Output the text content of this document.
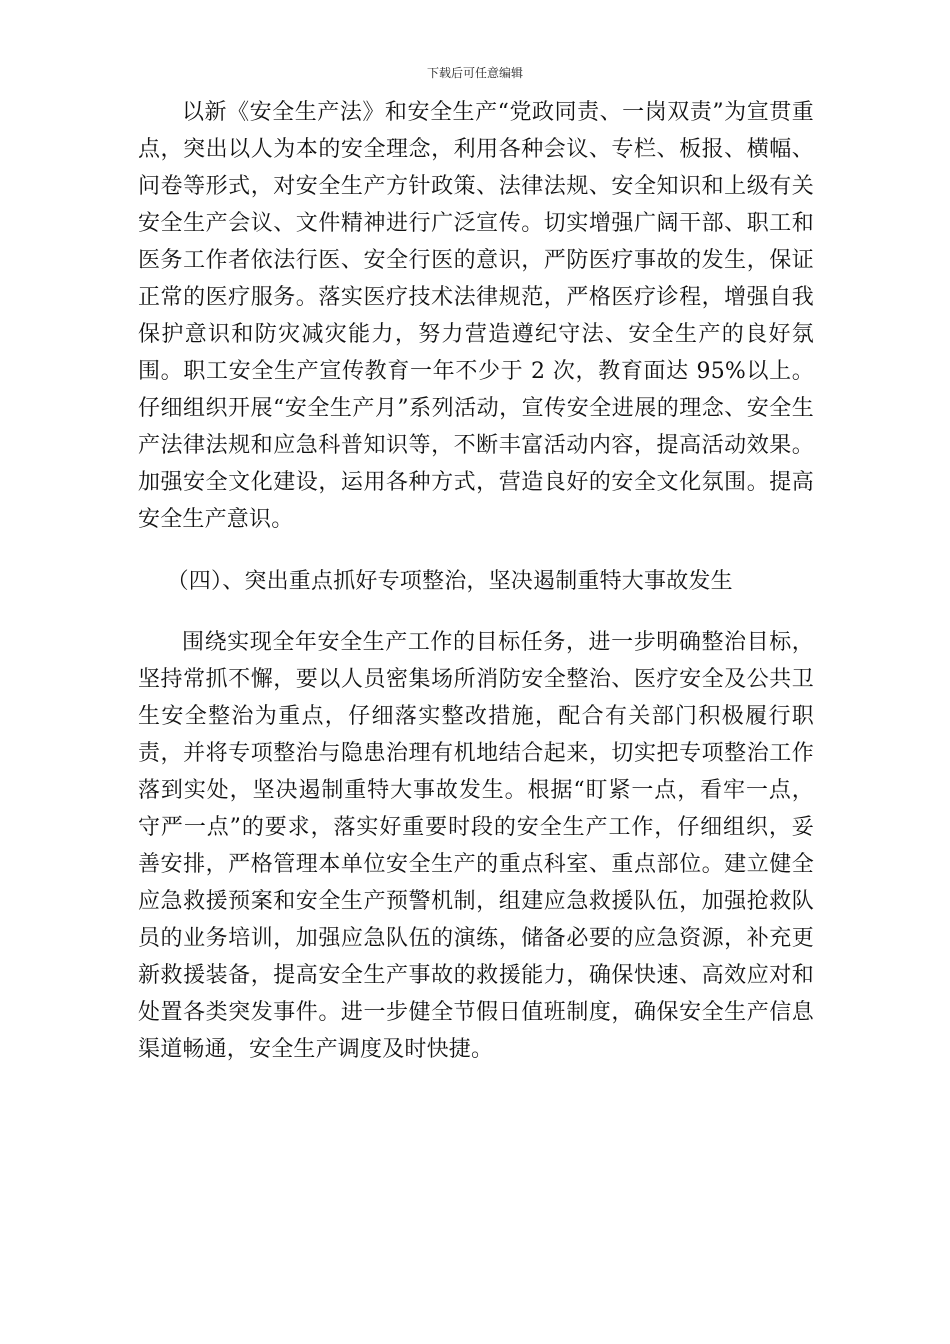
下载后可任意编辑

以新《安全生产法》和安全生产“党政同责、一岗双责”为宣贯重点，突出以人为本的安全理念，利用各种会议、专栏、板报、横幅、问卷等形式，对安全生产方针政策、法律法规、安全知识和上级有关安全生产会议、文件精神进行广泛宣传。切实增强广阔干部、职工和医务工作者依法行医、安全行医的意识，严防医疗事故的发生，保证正常的医疗服务。落实医疗技术法律规范，严格医疗诊程，增强自我保护意识和防灾减灾能力，努力营造遵纪守法、安全生产的良好氛围。职工安全生产宣传教育一年不少于 2 次，教育面达 95%以上。仔细组织开展“安全生产月”系列活动，宣传安全进展的理念、安全生产法律法规和应急科普知识等，不断丰富活动内容，提高活动效果。加强安全文化建设，运用各种方式，营造良好的安全文化氛围。提高安全生产意识。

（四）、突出重点抓好专项整治，坚决遏制重特大事故发生

围绕实现全年安全生产工作的目标任务，进一步明确整治目标，坚持常抓不懈，要以人员密集场所消防安全整治、医疗安全及公共卫生安全整治为重点，仔细落实整改措施，配合有关部门积极履行职责，并将专项整治与隐患治理有机地结合起来，切实把专项整治工作落到实处，坚决遏制重特大事故发生。根据“盯紧一点，看牢一点，守严一点”的要求，落实好重要时段的安全生产工作，仔细组织，妥善安排，严格管理本单位安全生产的重点科室、重点部位。建立健全应急救援预案和安全生产预警机制，组建应急救援队伍，加强抢救队员的业务培训，加强应急队伍的演练，储备必要的应急资源，补充更新救援装备，提高安全生产事故的救援能力，确保快速、高效应对和处置各类突发事件。进一步健全节假日值班制度，确保安全生产信息渠道畅通，安全生产调度及时快捷。
